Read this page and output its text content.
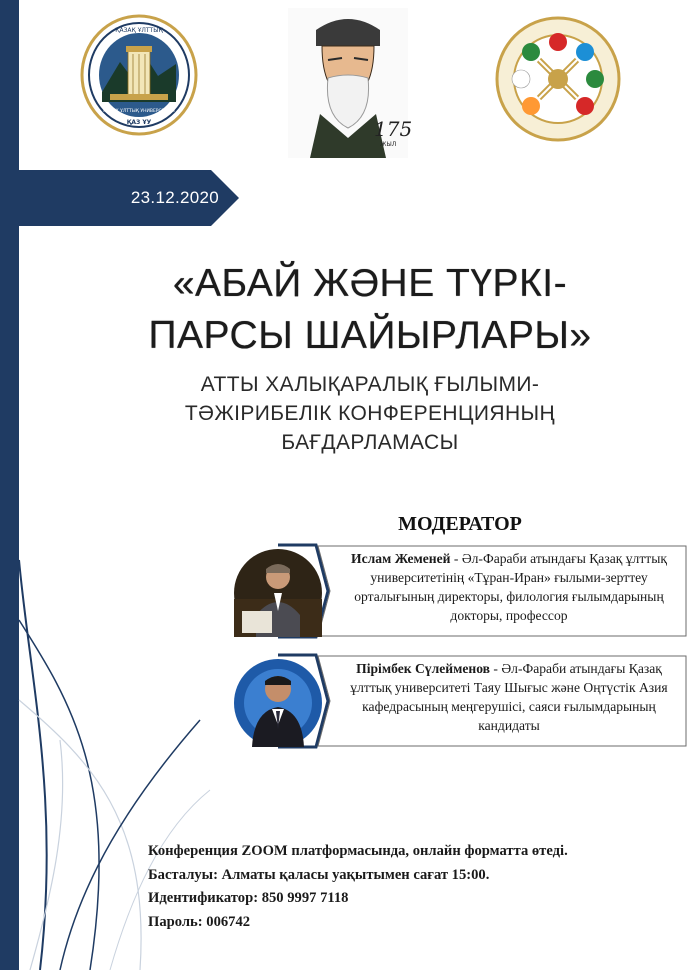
ҚАЗАҚ ҰЛТТЫҚ
ҚАЗАҚ ҰЛТТЫҚ УНИВЕРСИТЕТІ
ҚАЗ ҰУ	175
ЖЫЛ
23.12.2020
«АБАЙ ЖӘНЕ ТҮРКІ-
ПАРСЫ ШАЙЫРЛАРЫ»
АТТЫ ХАЛЫҚАРАЛЫҚ ҒЫЛЫМИ-
ТӘЖІРИБЕЛІК КОНФЕРЕНЦИЯНЫҢ
БАҒДАРЛАМАСЫ
МОДЕРАТОР
Ислам Жеменей - Әл-Фараби атындағы Қазақ ұлттық университетінің «Тұран-Иран» ғылыми-зерттеу орталығының директоры, филология ғылымдарының докторы, профессор
Пірімбек Сүлейменов - Әл-Фараби атындағы Қазақ ұлттық университеті Таяу Шығыс және Оңтүстік Азия кафедрасының меңгерушісі, саяси ғылымдарының кандидаты
Конференция ZOOM платформасында, онлайн форматта өтеді.
Басталуы: Алматы қаласы уақытымен сағат 15:00.
Идентификатор: 850 9997 7118
Пароль: 006742
